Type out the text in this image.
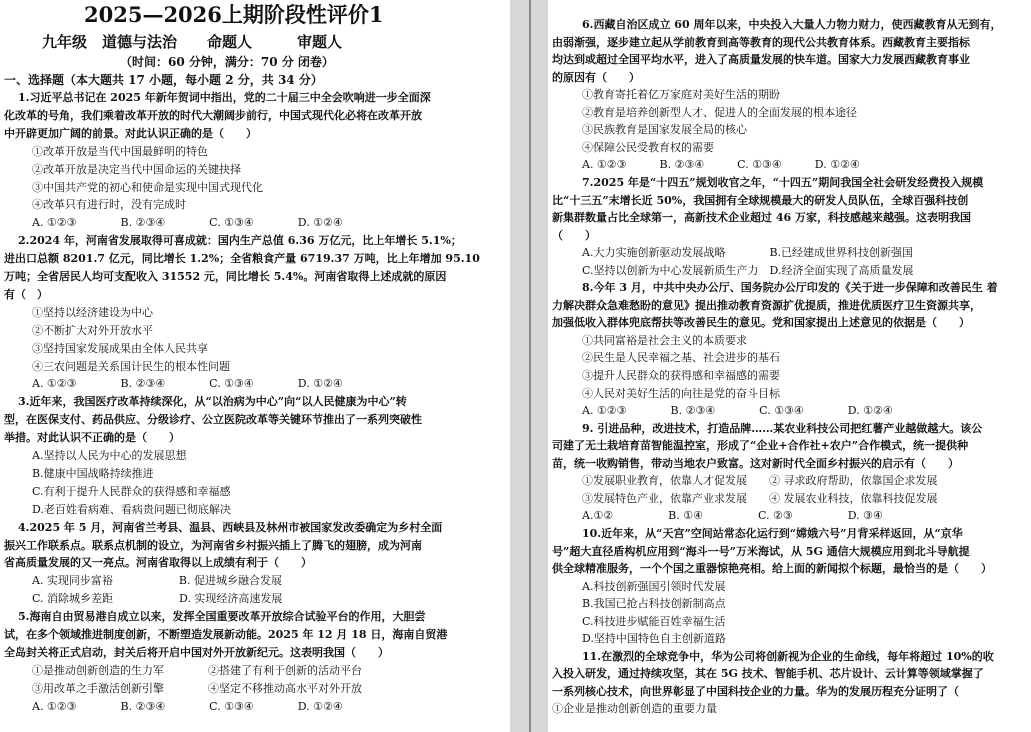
2025—2026上期阶段性评价1
九年级　道德与法治　　命题人　　　审题人
（时间：60 分钟，满分：70 分 闭卷）
一、选择题（本大题共 17 小题，每小题 2 分，共 34 分）
1.习近平总书记在 2025 年新年贺词中指出，党的二十届三中全会吹响进一步全面深
化改革的号角，我们乘着改革开放的时代大潮阔步前行，中国式现代化必将在改革开放
中开辟更加广阔的前景。对此认识正确的是（　　）
①改革开放是当代中国最鲜明的特色
②改革开放是决定当代中国命运的关键抉择
③中国共产党的初心和使命是实现中国式现代化
④改革只有进行时，没有完成时
A. ①②③　　　　B. ②③④　　　　C. ①③④　　　　D. ①②④
2.2024 年，河南省发展取得可喜成就：国内生产总值 6.36 万亿元，比上年增长 5.1%；
进出口总额 8201.7 亿元，同比增长 1.2%；全省粮食产量 6719.37 万吨，比上年增加 95.10
万吨；全省居民人均可支配收入 31552 元，同比增长 5.4%。河南省取得上述成就的原因
有（　）
①坚持以经济建设为中心
②不断扩大对外开放水平
③坚持国家发展成果由全体人民共享
④三农问题是关系国计民生的根本性问题
A. ①②③　　　　B. ②③④　　　　C. ①③④　　　　D. ①②④
3.近年来，我国医疗改革持续深化，从“以治病为中心”向“以人民健康为中心”转
型，在医保支付、药品供应、分级诊疗、公立医院改革等关键环节推出了一系列突破性
举措。对此认识不正确的是（　　）
A.坚持以人民为中心的发展思想
B.健康中国战略持续推进
C.有利于提升人民群众的获得感和幸福感
D.老百姓看病难、看病贵问题已彻底解决
4.2025 年 5 月，河南省兰考县、温县、西峡县及林州市被国家发改委确定为乡村全面
振兴工作联系点。联系点机制的设立，为河南省乡村振兴插上了腾飞的翅膀，成为河南
省高质量发展的又一亮点。河南省取得以上成绩有利于（　　）
A. 实现同步富裕　　　　　　B. 促进城乡融合发展
C. 消除城乡差距　　　　　　D. 实现经济高速发展
5.海南自由贸易港自成立以来，发挥全国重要改革开放综合试验平台的作用，大胆尝
试，在多个领域推进制度创新，不断塑造发展新动能。2025 年 12 月 18 日，海南自贸港
全岛封关将正式启动，封关后将开启中国对外开放新纪元。这表明我国（　　）
①是推动创新创造的生力军　　　　②搭建了有利于创新的活动平台
③用改革之手激活创新引擎　　　　④坚定不移推动高水平对外开放
A. ①②③　　　　B. ②③④　　　　C. ①③④　　　　D. ①②④
6.西藏自治区成立 60 周年以来，中央投入大量人力物力财力，使西藏教育从无到有，
由弱渐强，逐步建立起从学前教育到高等教育的现代公共教育体系。西藏教育主要指标
均达到或超过全国平均水平，进入了高质量发展的快车道。国家大力发展西藏教育事业
的原因有（　　）
①教育寄托着亿万家庭对美好生活的期盼
②教育是培养创新型人才、促进人的全面发展的根本途径
③民族教育是国家发展全局的核心
④保障公民受教育权的需要
A. ①②③　　　B. ②③④　　　C. ①③④　　　D. ①②④
7.2025 年是“十四五”规划收官之年，“十四五”期间我国全社会研发经费投入规模
比“十三五”末增长近 50%，我国拥有全球规模最大的研发人员队伍，全球百强科技创
新集群数量占比全球第一，高新技术企业超过 46 万家，科技感越来越强。这表明我国
（　　）
A.大力实施创新驱动发展战略　　　　B.已经建成世界科技创新强国
C.坚持以创新为中心发展新质生产力　D.经济全面实现了高质量发展
8.今年 3 月，中共中央办公厅、国务院办公厅印发的《关于进一步保障和改善民生 着
力解决群众急难愁盼的意见》提出推动教育资源扩优提质，推进优质医疗卫生资源共享，
加强低收入群体兜底帮扶等改善民生的意见。党和国家提出上述意见的依据是（　　）
①共同富裕是社会主义的本质要求
②民生是人民幸福之基、社会进步的基石
③提升人民群众的获得感和幸福感的需要
④人民对美好生活的向往是党的奋斗目标
A. ①②③　　　　B. ②③④　　　　C. ①③④　　　　D. ①②④
9. 引进品种，改进技术，打造品牌……某农业科技公司把红薯产业越做越大。该公
司建了无土栽培育苗智能温控室，形成了“企业+合作社+农户”合作模式，统一提供种
苗，统一收购销售，带动当地农户致富。这对新时代全面乡村振兴的启示有（　　）
①发展职业教育，依靠人才促发展　　② 寻求政府帮助，依靠国企求发展
③发展特色产业，依靠产业求发展　　④ 发展农业科技，依靠科技促发展
A.①②　　　　　B. ①④　　　　　C. ②③　　　　　D. ③④
10.近年来，从“天宫”空间站常态化运行到“嫦娥六号”月背采样返回，从“京华
号”超大直径盾构机应用到“海斗一号”万米海试，从 5G 通信大规模应用到北斗导航提
供全球精准服务，一个个国之重器惊艳亮相。给上面的新闻拟个标题，最恰当的是（　　）
A.科技创新强国引领时代发展
B.我国已抢占科技创新制高点
C.科技进步赋能百姓幸福生活
D.坚持中国特色自主创新道路
11.在激烈的全球竞争中，华为公司将创新视为企业的生命线，每年将超过 10%的收
入投入研发，通过持续攻坚，其在 5G 技术、智能手机、芯片设计、云计算等领域掌握了
一系列核心技术，向世界彰显了中国科技企业的力量。华为的发展历程充分证明了（
①企业是推动创新创造的重要力量
